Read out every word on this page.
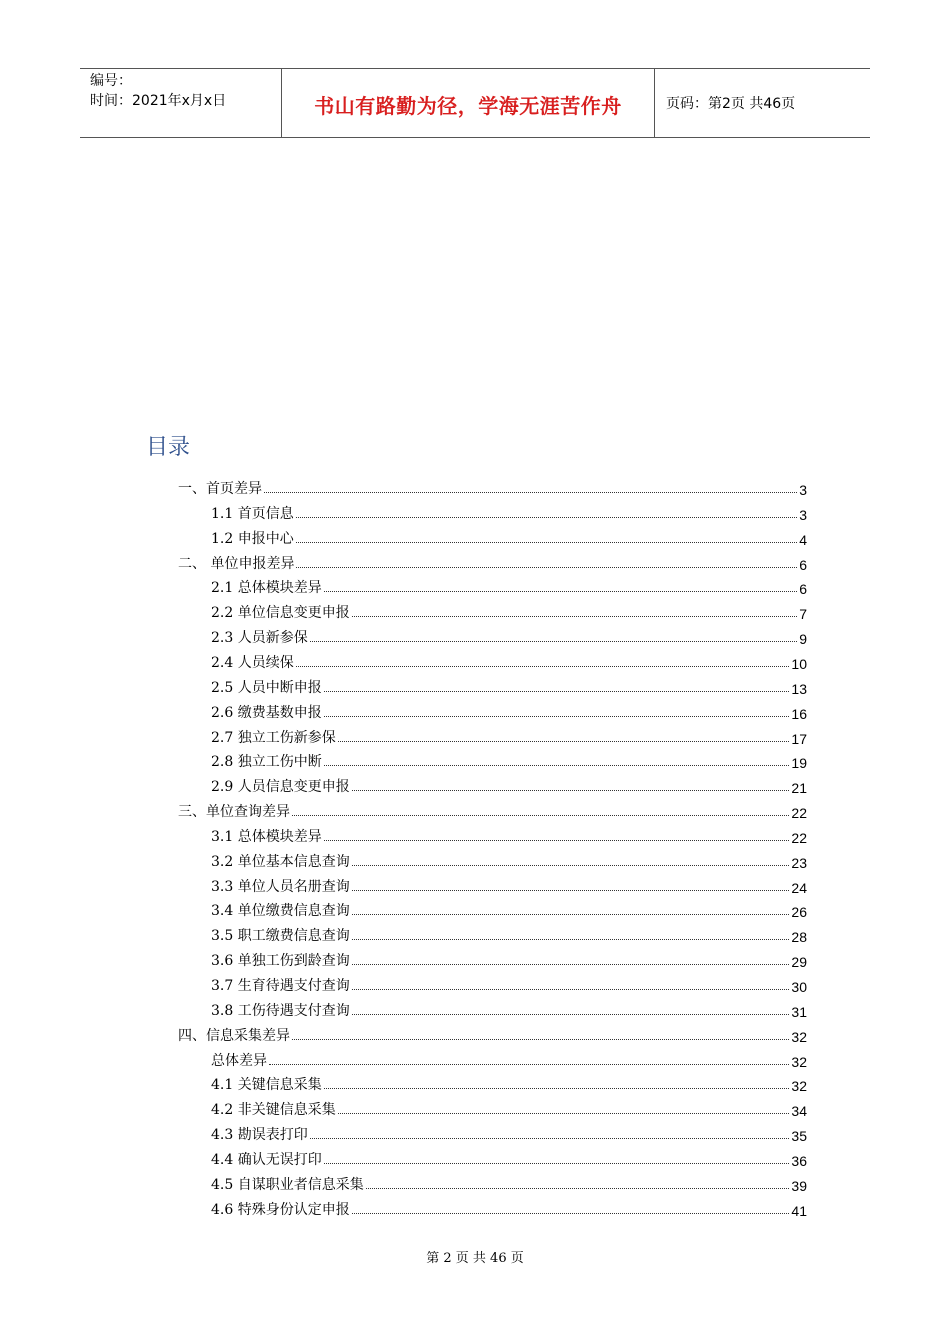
编号：
时间：2021年x月x日	书山有路勤为径，学海无涯苦作舟	页码：第2页 共46页
目录
一、首页差异	3
1.1 首页信息	3
1.2 申报中心	4
二、 单位申报差异	6
2.1 总体模块差异	6
2.2 单位信息变更申报	7
2.3 人员新参保	9
2.4 人员续保	10
2.5 人员中断申报	13
2.6 缴费基数申报	16
2.7 独立工伤新参保	17
2.8 独立工伤中断	19
2.9 人员信息变更申报	21
三、单位查询差异	22
3.1 总体模块差异	22
3.2 单位基本信息查询	23
3.3 单位人员名册查询	24
3.4 单位缴费信息查询	26
3.5 职工缴费信息查询	28
3.6 单独工伤到龄查询	29
3.7 生育待遇支付查询	30
3.8 工伤待遇支付查询	31
四、信息采集差异	32
总体差异	32
4.1 关键信息采集	32
4.2 非关键信息采集	34
4.3 勘误表打印	35
4.4 确认无误打印	36
4.5 自谋职业者信息采集	39
4.6 特殊身份认定申报	41
第 2 页 共 46 页
